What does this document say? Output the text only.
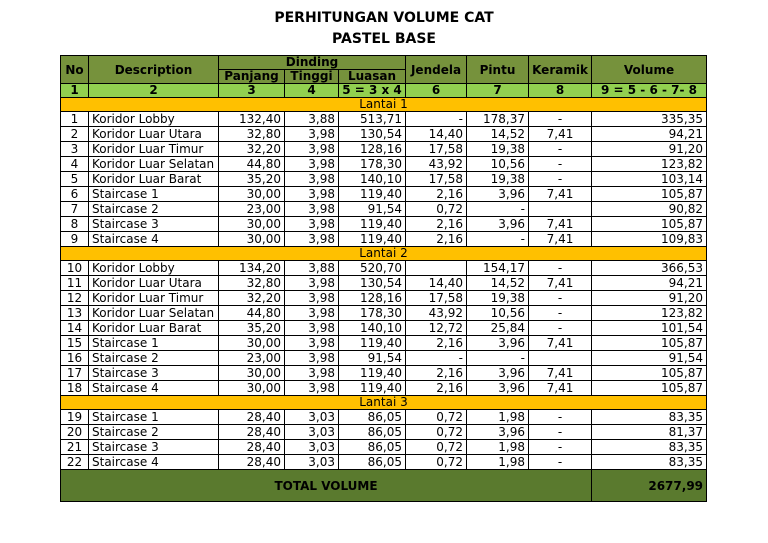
PERHITUNGAN VOLUME CAT
PASTEL BASE
No	Description	Dinding			Jendela	Pintu	Keramik	Volume
		Panjang	Tinggi	Luasan				
1	2	3	4	5 = 3 x 4	6	7	8	9 = 5 - 6 - 7- 8
Lantai 1								
1	Koridor Lobby	132,40	3,88	513,71	-	178,37	-	335,35
2	Koridor Luar Utara	32,80	3,98	130,54	14,40	14,52	7,41	94,21
3	Koridor Luar Timur	32,20	3,98	128,16	17,58	19,38	-	91,20
4	Koridor Luar Selatan	44,80	3,98	178,30	43,92	10,56	-	123,82
5	Koridor Luar Barat	35,20	3,98	140,10	17,58	19,38	-	103,14
6	Staircase 1	30,00	3,98	119,40	2,16	3,96	7,41	105,87
7	Staircase 2	23,00	3,98	91,54	0,72	-		90,82
8	Staircase 3	30,00	3,98	119,40	2,16	3,96	7,41	105,87
9	Staircase 4	30,00	3,98	119,40	2,16	-	7,41	109,83
Lantai 2								
10	Koridor Lobby	134,20	3,88	520,70		154,17	-	366,53
11	Koridor Luar Utara	32,80	3,98	130,54	14,40	14,52	7,41	94,21
12	Koridor Luar Timur	32,20	3,98	128,16	17,58	19,38	-	91,20
13	Koridor Luar Selatan	44,80	3,98	178,30	43,92	10,56	-	123,82
14	Koridor Luar Barat	35,20	3,98	140,10	12,72	25,84	-	101,54
15	Staircase 1	30,00	3,98	119,40	2,16	3,96	7,41	105,87
16	Staircase 2	23,00	3,98	91,54	-	-		91,54
17	Staircase 3	30,00	3,98	119,40	2,16	3,96	7,41	105,87
18	Staircase 4	30,00	3,98	119,40	2,16	3,96	7,41	105,87
Lantai 3								
19	Staircase 1	28,40	3,03	86,05	0,72	1,98	-	83,35
20	Staircase 2	28,40	3,03	86,05	0,72	3,96	-	81,37
21	Staircase 3	28,40	3,03	86,05	0,72	1,98	-	83,35
22	Staircase 4	28,40	3,03	86,05	0,72	1,98	-	83,35
TOTAL VOLUME								2677,99
